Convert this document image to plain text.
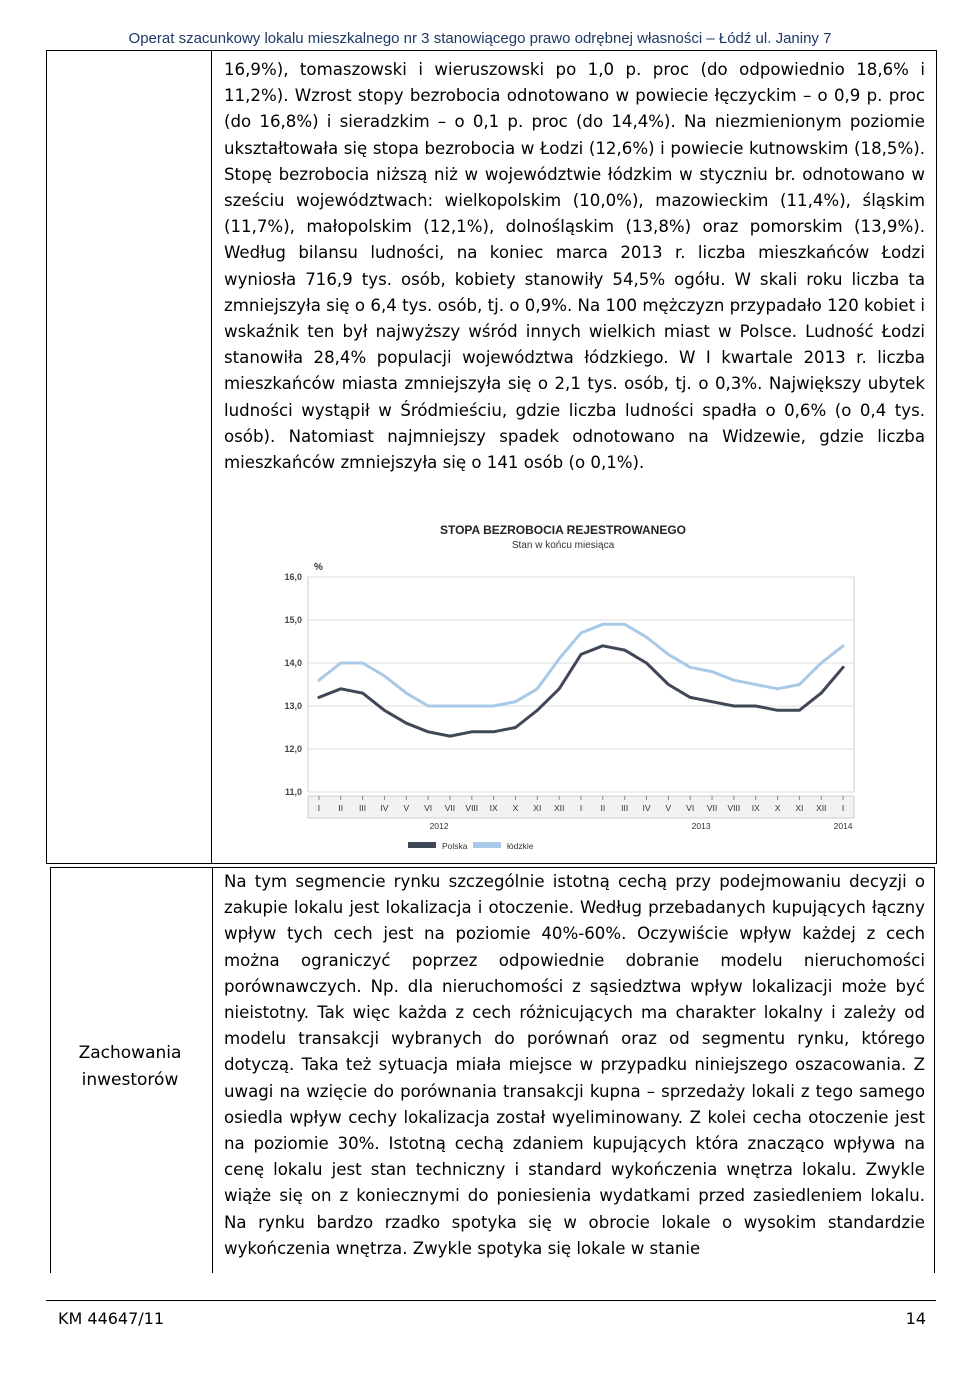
Operat szacunkowy lokalu mieszkalnego nr 3 stanowiącego prawo odrębnej własności – Łódź ul. Janiny 7

16,9%), tomaszowski i wieruszowski po 1,0 p. proc (do odpowiednio 18,6% i 11,2%). Wzrost stopy bezrobocia odnotowano w powiecie łęczyckim – o 0,9 p. proc (do 16,8%) i sieradzkim – o 0,1 p. proc (do 14,4%). Na niezmienionym poziomie ukształtowała się stopa bezrobocia w Łodzi (12,6%) i powiecie kutnowskim (18,5%). Stopę bezrobocia niższą niż w województwie łódzkim w styczniu br. odnotowano w sześciu województwach: wielkopolskim (10,0%), mazowieckim (11,4%), śląskim (11,7%), małopolskim (12,1%), dolnośląskim (13,8%) oraz pomorskim (13,9%). Według bilansu ludności, na koniec marca 2013 r. liczba mieszkańców Łodzi wyniosła 716,9 tys. osób, kobiety stanowiły 54,5% ogółu. W skali roku liczba ta zmniejszyła się o 6,4 tys. osób, tj. o 0,9%. Na 100 mężczyzn przypadało 120 kobiet i wskaźnik ten był najwyższy wśród innych wielkich miast w Polsce. Ludność Łodzi stanowiła 28,4% populacji województwa łódzkiego. W I kwartale 2013 r. liczba mieszkańców miasta zmniejszyła się o 2,1 tys. osób, tj. o 0,3%. Największy ubytek ludności wystąpił w Śródmieściu, gdzie liczba ludności spadła o 0,6% (o 0,4 tys. osób). Natomiast najmniejszy spadek odnotowano na Widzewie, gdzie liczba mieszkańców zmniejszyła się o 141 osób (o 0,1%).

STOPA BEZROBOCIA REJESTROWANEGO
Stan w końcu miesiąca
%
16,0
15,0
14,0
13,0
12,0
11,0
I II III IV V VI VII VIII IX X XI XII I II III IV V VI VII VIII IX X XI XII I
2012	2013	2014
Polska	łódzkie
Zachowania inwestorów

Na tym segmencie rynku szczególnie istotną cechą przy podejmowaniu decyzji o zakupie lokalu jest lokalizacja i otoczenie. Według przebadanych kupujących łączny wpływ tych cech jest na poziomie 40%-60%. Oczywiście wpływ każdej z cech można ograniczyć poprzez odpowiednie dobranie modelu nieruchomości porównawczych. Np. dla nieruchomości z sąsiedztwa wpływ lokalizacji może być nieistotny. Tak więc każda z cech różnicujących ma charakter lokalny i zależy od modelu transakcji wybranych do porównań oraz od segmentu rynku, którego dotyczą. Taka też sytuacja miała miejsce w przypadku niniejszego oszacowania. Z uwagi na wzięcie do porównania transakcji kupna – sprzedaży lokali z tego samego osiedla wpływ cechy lokalizacja został wyeliminowany. Z kolei cecha otoczenie jest na poziomie 30%. Istotną cechą zdaniem kupujących która znacząco wpływa na cenę lokalu jest stan techniczny i standard wykończenia wnętrza lokalu. Zwykle wiąże się on z koniecznymi do poniesienia wydatkami przed zasiedleniem lokalu. Na rynku bardzo rzadko spotyka się w obrocie lokale o wysokim standardzie wykończenia wnętrza. Zwykle spotyka się lokale w stanie

KM 44647/11	14
